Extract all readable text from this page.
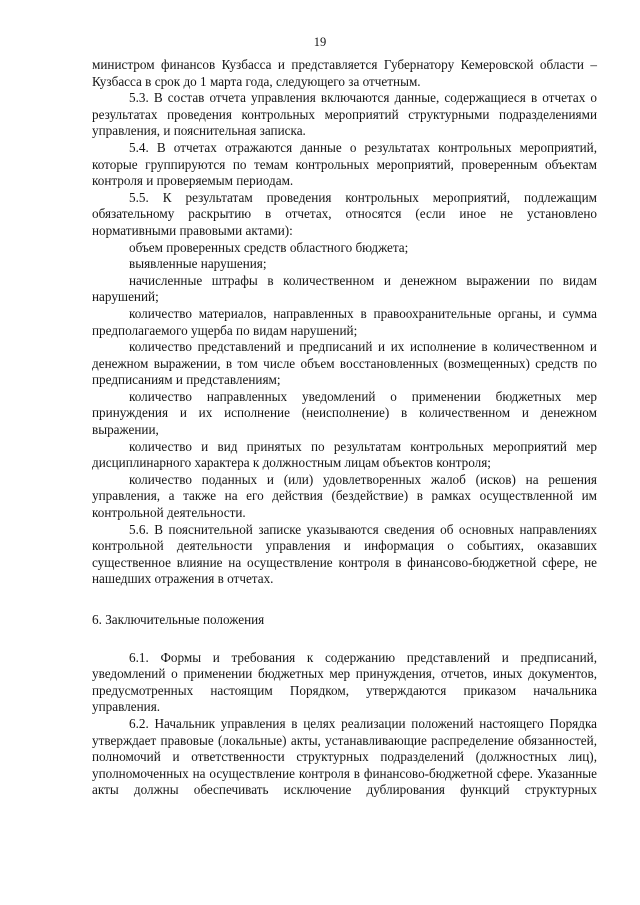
19

министром финансов Кузбасса и представляется Губернатору Кемеровской области – Кузбасса в срок до 1 марта года, следующего за отчетным.

5.3. В состав отчета управления включаются данные, содержащиеся в отчетах о результатах проведения контрольных мероприятий структурными подразделениями управления, и пояснительная записка.

5.4. В отчетах отражаются данные о результатах контрольных мероприятий, которые группируются по темам контрольных мероприятий, проверенным объектам контроля и проверяемым периодам.

5.5. К результатам проведения контрольных мероприятий, подлежащим обязательному раскрытию в отчетах, относятся (если иное не установлено нормативными правовыми актами):

объем проверенных средств областного бюджета;

выявленные нарушения;

начисленные штрафы в количественном и денежном выражении по видам нарушений;

количество материалов, направленных в правоохранительные органы, и сумма предполагаемого ущерба по видам нарушений;

количество представлений и предписаний и их исполнение в количественном и денежном выражении, в том числе объем восстановленных (возмещенных) средств по предписаниям и представлениям;

количество направленных уведомлений о применении бюджетных мер принуждения и их исполнение (неисполнение) в количественном и денежном выражении,

количество и вид принятых по результатам контрольных мероприятий мер дисциплинарного характера к должностным лицам объектов контроля;

количество поданных и (или) удовлетворенных жалоб (исков) на решения управления, а также на его действия (бездействие) в рамках осуществленной им контрольной деятельности.

5.6. В пояснительной записке указываются сведения об основных направлениях контрольной деятельности управления и информация о событиях, оказавших существенное влияние на осуществление контроля в финансово-бюджетной сфере, не нашедших отражения в отчетах.

6. Заключительные положения

6.1. Формы и требования к содержанию представлений и предписаний, уведомлений о применении бюджетных мер принуждения, отчетов, иных документов, предусмотренных настоящим Порядком, утверждаются приказом начальника управления.

6.2. Начальник управления в целях реализации положений настоящего Порядка утверждает правовые (локальные) акты, устанавливающие распределение обязанностей, полномочий и ответственности структурных подразделений (должностных лиц), уполномоченных на осуществление контроля в финансово-бюджетной сфере. Указанные акты должны обеспечивать исключение дублирования функций структурных
